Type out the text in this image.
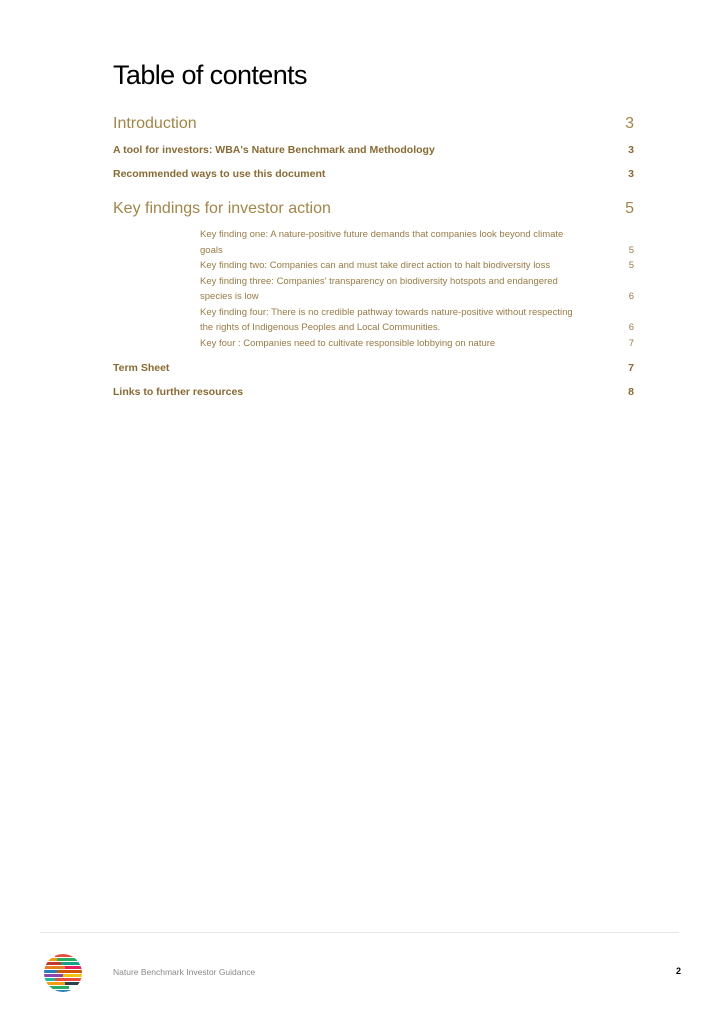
Table of contents
Introduction	3
A tool for investors: WBA's Nature Benchmark and Methodology	3
Recommended ways to use this document	3
Key findings for investor action	5
Key finding one: A nature-positive future demands that companies look beyond climate
goals	5
Key finding two: Companies can and must take direct action to halt biodiversity loss	5
Key finding three: Companies' transparency on biodiversity hotspots and endangered
species is low	6
Key finding four: There is no credible pathway towards nature-positive without respecting
the rights of Indigenous Peoples and Local Communities.	6
Key four : Companies need to cultivate responsible lobbying on nature	7
Term Sheet	7
Links to further resources	8
Nature Benchmark Investor Guidance	2
